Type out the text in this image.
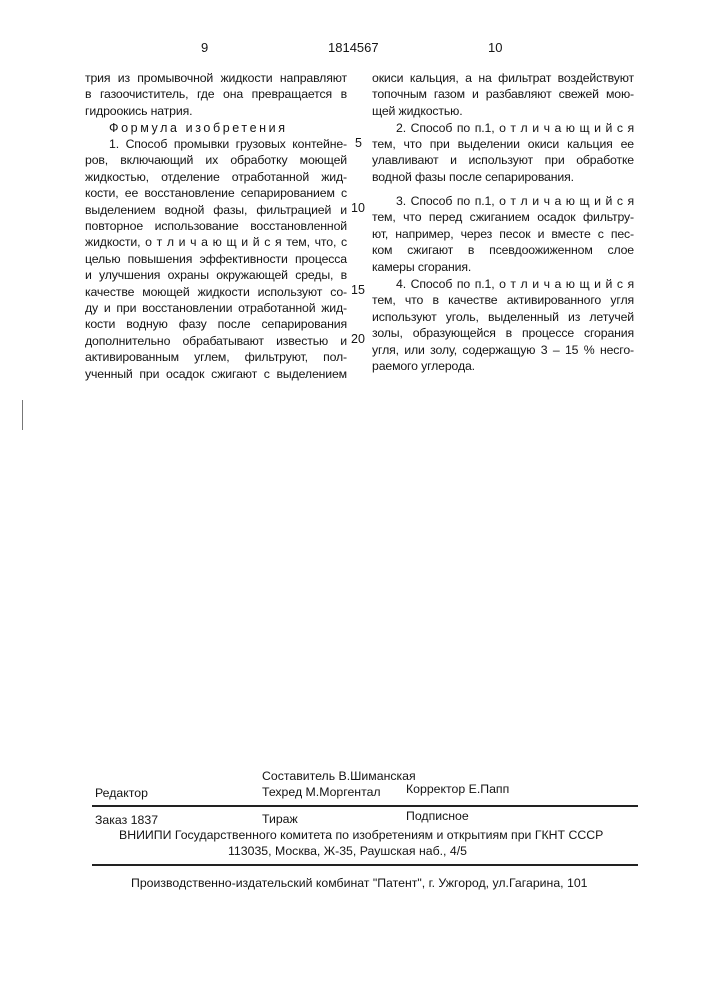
9	1814567	10
трия из промывочной жидкости направляют
в газоочиститель, где она превращается в
гидроокись натрия.
Формула изобретения
1. Способ промывки грузовых контейне-
ров, включающий их обработку моющей
жидкостью, отделение отработанной жид-
кости, ее восстановление сепарированием с
выделением водной фазы, фильтрацией и
повторное использование восстановленной
жидкости, о т л и ч а ю щ и й с я тем, что, с
целью повышения эффективности процесса
и улучшения охраны окружающей среды, в
качестве моющей жидкости используют со-
ду и при восстановлении отработанной жид-
кости водную фазу после сепарирования
дополнительно обрабатывают известью и
активированным углем, фильтруют, пол-
ученный при осадок сжигают с выделением
окиси кальция, а на фильтрат воздействуют
топочным газом и разбавляют свежей мою-
щей жидкостью.
2. Способ по п.1, о т л и ч а ю щ и й с я
тем, что при выделении окиси кальция ее
улавливают и используют при обработке
водной фазы после сепарирования.
3. Способ по п.1, о т л и ч а ю щ и й с я
тем, что перед сжиганием осадок фильтру-
ют, например, через песок и вместе с пес-
ком сжигают в псевдоожиженном слое
камеры сгорания.
4. Способ по п.1, о т л и ч а ю щ и й с я
тем, что в качестве активированного угля
используют уголь, выделенный из летучей
золы, образующейся в процессе сгорания
угля, или золу, содержащую 3 – 15 % несго-
раемого углерода.
5
10
15
20
Составитель В.Шиманская
Редактор	Техред М.Моргентал Корректор Е.Папп
Заказ 1837	Тираж	Подписное
ВНИИПИ Государственного комитета по изобретениям и открытиям при ГКНТ СССР
113035, Москва, Ж-35, Раушская наб., 4/5
Производственно-издательский комбинат "Патент", г. Ужгород, ул.Гагарина, 101
